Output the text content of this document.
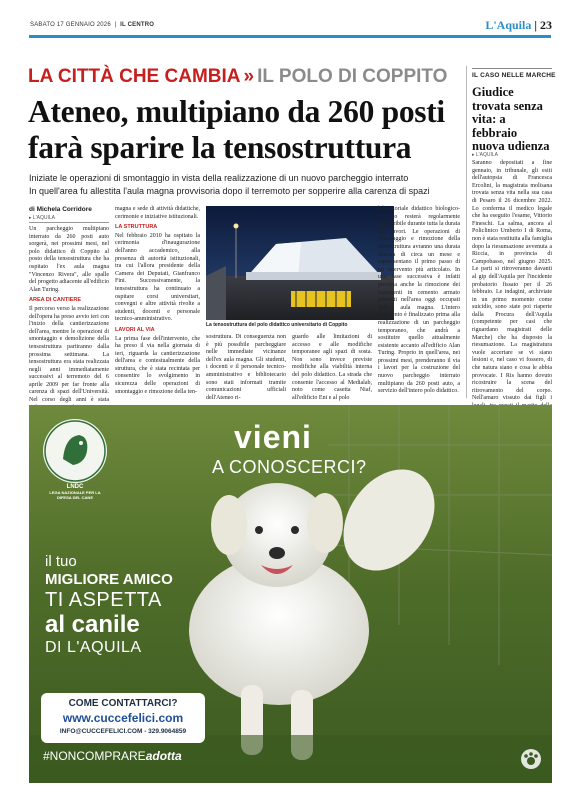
SABATO 17 GENNAIO 2026  |  IL CENTRO	L'Aquila | 23
LA CITTÀ CHE CAMBIA » IL POLO DI COPPITO
Ateneo, multipiano da 260 posti
farà sparire la tensostruttura
Iniziate le operazioni di smontaggio in vista della realizzazione di un nuovo parcheggio interrato
In quell'area fu allestita l'aula magna provvisoria dopo il terremoto per sopperire alla carenza di spazi
di Michela Corridore
▸ L'AQUILA
Un parcheggio multipiano interrato da 260 posti auto sorgerà, nei prossimi mesi, nel polo didattico di Coppito al posto della tensostruttura che ha ospitato l'ex aula magna "Vincenzo Rivera", alle spalle del progetto adiacente all'edificio Alan Turing.
AREA DI CANTIERE
Il percorso verso la realizzazione dell'opera ha preso avvio ieri con l'inizio della cantierizzazione dell'area, mentre le operazioni di smontaggio e demolizione della tensostruttura partiranno dalla prossima settimana. La tensostruttura era stata realizzata negli anni immediatamente successivi al terremoto del 6 aprile 2009 per far fronte alla carenza di spazi dell'Università. Nel corso degli anni è stata
magna e sede di attività didattiche, cerimonie e iniziative istituzionali.
LA STRUTTURA
Nel febbraio 2010 ha ospitato la cerimonia d'inaugurazione dell'anno accademico, alla presenza di autorità istituzionali, tra cui l'allora presidente della Camera dei Deputati, Gianfranco Fini. Successivamente, la tensostruttura ha continuato a ospitare corsi universitari, convegni e altre attività rivolte a studenti, docenti e personale tecnico-amministrativo.
LAVORI AL VIA
La prima fase dell'intervento, che ha preso il via nella giornata di ieri, riguarda la cantierizzazione dell'area e contestualmente della struttura, che è stata recintata per consentire lo svolgimento in sicurezza delle operazioni di smontaggio e rimozione della ten-
La tensostruttura del polo didattico universitario di Coppito
sostruttura. Di conseguenza non è più possibile parcheggiare nelle immediate vicinanze dell'ex aula magna. Gli studenti, i docenti e il personale tecnico-amministrativo e bibliotecario sono stati informati tramite comunicazioni ufficiali dell'Ateneo ri-
guardo alle limitazioni di accesso e alle modifiche temporanee agli spazi di sosta. Non sono invece previste modifiche alla viabilità interna del polo didattico. La strada che consente l'accesso al Medialab, noto come casetta Niaf, all'edificio Eni e al polo
laboratoriale didattico biologico-chimico resterà regolarmente percorribile durante tutta la durata dei lavori. Le operazioni di smontaggio e rimozione della tensostruttura avranno una durata stimata di circa un mese e rappresentano il primo passo di un intervento più articolato. In una fase successiva è infatti prevista anche la rimozione dei basamenti in cemento armato presenti nell'area oggi occupati dall'ex aula magna. L'intero intervento è finalizzato prima alla realizzazione di un parcheggio temporaneo, che andrà a sostituire quello attualmente esistente accanto all'edificio Alan Turing. Proprio in quell'area, nei prossimi mesi, prenderanno il via i lavori per la costruzione del nuovo parcheggio interrato multipiano da 260 posti auto, a servizio dell'intero polo didattico.
IL CASO NELLE MARCHE
Giudice trovata senza vita: a febbraio nuova udienza
▸ L'AQUILA
Saranno depositati a fine gennaio, in tribunale, gli esiti dell'autopsia di Francesca Ercolini, la magistrata molisana trovata senza vita nella sua casa di Pesaro il 26 dicembre 2022. Lo conferma il medico legale che ha eseguito l'esame, Vittorio Fineschi. La salma, ancora al Policlinico Umberto I di Roma, non è stata restituita alla famiglia dopo la riesumazione avvenuta a Riccia, in provincia di Campobasso, nel giugno 2025. Le parti si ritroveranno davanti al gip dell'Aquila per l'incidente probatorio fissato per il 26 febbraio. Le indagini, archiviate in un primo momento come suicidio, sono state poi riaperte dalla Procura dell'Aquila (competente per casi che riguardano magistrati delle Marche) che ha disposto la riesumazione. La magistratura vuole accertare se vi siano lesioni e, nel caso vi fossero, di che natura siano e cosa le abbia provocate. I Ris hanno dovuto ricostruire la scena del ritrovamento del corpo. Nell'amaro vissuto dai figli i
LNDC
LEGA NAZIONALE PER LA DIFESA DEL CANE
vieni
A CONOSCERCI?
il tuo
MIGLIORE AMICO
TI ASPETTA
al canile
DI L'AQUILA
COME CONTATTARCI?
www.cuccefelici.com
INFO@CUCCEFELICI.COM - 329.9064859
#NONCOMPRAREadotta
